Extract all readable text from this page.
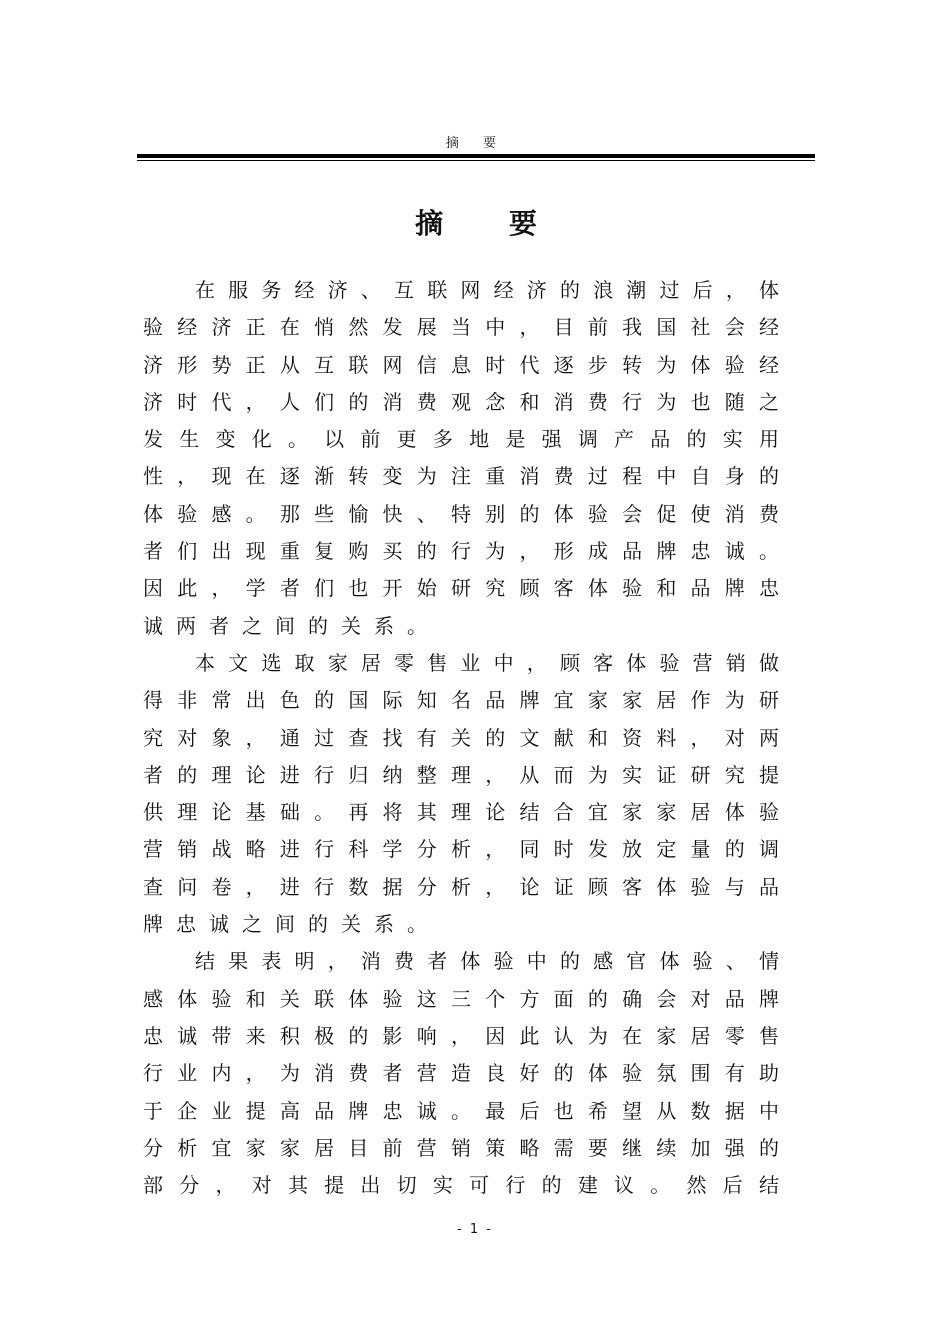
摘 要
摘 要

在服务经济、互联网经济的浪潮过后，体验经济正在悄然发展当中，目前我国社会经济形势正从互联网信息时代逐步转为体验经济时代，人们的消费观念和消费行为也随之发生变化。以前更多地是强调产品的实用性，现在逐渐转变为注重消费过程中自身的体验感。那些愉快、特别的体验会促使消费者们出现重复购买的行为，形成品牌忠诚。因此，学者们也开始研究顾客体验和品牌忠诚两者之间的关系。

本文选取家居零售业中，顾客体验营销做得非常出色的国际知名品牌宜家家居作为研究对象，通过查找有关的文献和资料，对两者的理论进行归纳整理，从而为实证研究提供理论基础。再将其理论结合宜家家居体验营销战略进行科学分析，同时发放定量的调查问卷，进行数据分析，论证顾客体验与品牌忠诚之间的关系。

结果表明，消费者体验中的感官体验、情感体验和关联体验这三个方面的确会对品牌忠诚带来积极的影响，因此认为在家居零售行业内，为消费者营造良好的体验氛围有助于企业提高品牌忠诚。最后也希望从数据中分析宜家家居目前营销策略需要继续加强的部分，对其提出切实可行的建议。然后结

- 1 -
